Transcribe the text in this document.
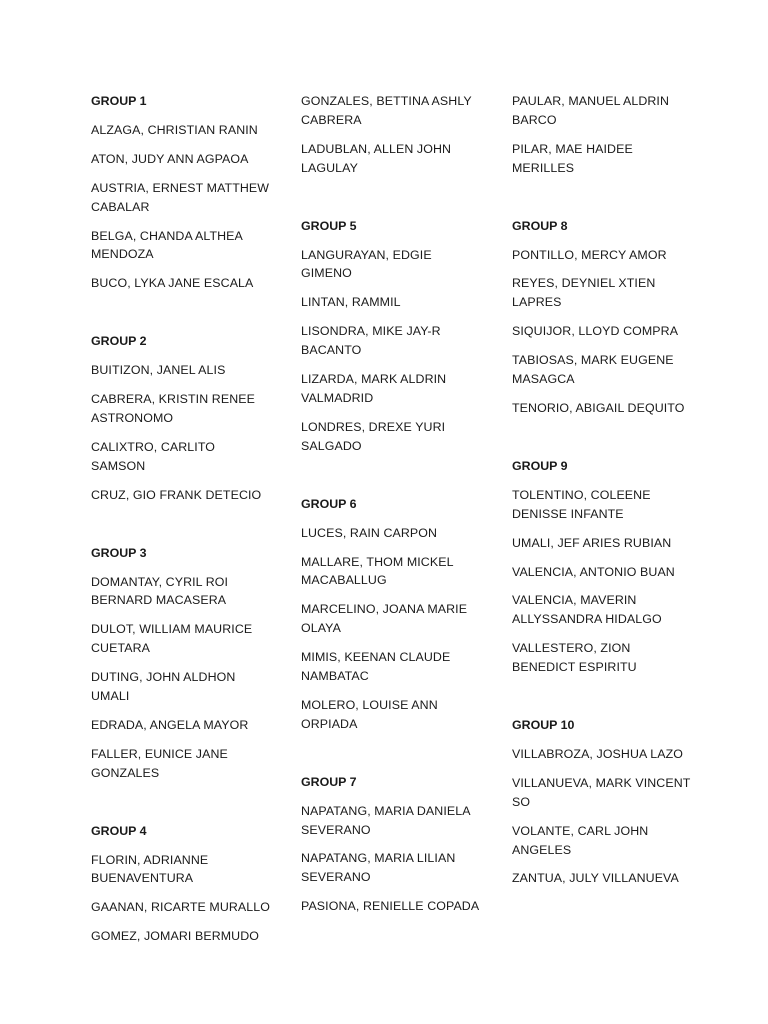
GROUP 1
ALZAGA, CHRISTIAN RANIN
ATON, JUDY ANN AGPAOA
AUSTRIA, ERNEST MATTHEW CABALAR
BELGA, CHANDA ALTHEA MENDOZA
BUCO, LYKA JANE ESCALA
GROUP 2
BUITIZON, JANEL ALIS
CABRERA, KRISTIN RENEE ASTRONOMO
CALIXTRO, CARLITO SAMSON
CRUZ, GIO FRANK DETECIO
GROUP 3
DOMANTAY, CYRIL ROI BERNARD MACASERA
DULOT, WILLIAM MAURICE CUETARA
DUTING, JOHN ALDHON UMALI
EDRADA, ANGELA MAYOR
FALLER, EUNICE JANE GONZALES
GROUP 4
FLORIN, ADRIANNE BUENAVENTURA
GAANAN, RICARTE MURALLO
GOMEZ, JOMARI BERMUDO
GONZALES, BETTINA ASHLY CABRERA
LADUBLAN, ALLEN JOHN LAGULAY
GROUP 5
LANGURAYAN, EDGIE GIMENO
LINTAN, RAMMIL
LISONDRA, MIKE JAY-R BACANTO
LIZARDA, MARK ALDRIN VALMADRID
LONDRES, DREXE YURI SALGADO
GROUP 6
LUCES, RAIN CARPON
MALLARE, THOM MICKEL MACABALLUG
MARCELINO, JOANA MARIE OLAYA
MIMIS, KEENAN CLAUDE NAMBATAC
MOLERO, LOUISE ANN ORPIADA
GROUP 7
NAPATANG, MARIA DANIELA SEVERANO
NAPATANG, MARIA LILIAN SEVERANO
PASIONA, RENIELLE COPADA
PAULAR, MANUEL ALDRIN BARCO
PILAR, MAE HAIDEE MERILLES
GROUP 8
PONTILLO, MERCY AMOR
REYES, DEYNIEL XTIEN LAPRES
SIQUIJOR, LLOYD COMPRA
TABIOSAS, MARK EUGENE MASAGCA
TENORIO, ABIGAIL DEQUITO
GROUP 9
TOLENTINO, COLEENE DENISSE INFANTE
UMALI, JEF ARIES RUBIAN
VALENCIA, ANTONIO BUAN
VALENCIA, MAVERIN ALLYSSANDRA HIDALGO
VALLESTERO, ZION BENEDICT ESPIRITU
GROUP 10
VILLABROZA, JOSHUA LAZO
VILLANUEVA, MARK VINCENT SO
VOLANTE, CARL JOHN ANGELES
ZANTUA, JULY VILLANUEVA
